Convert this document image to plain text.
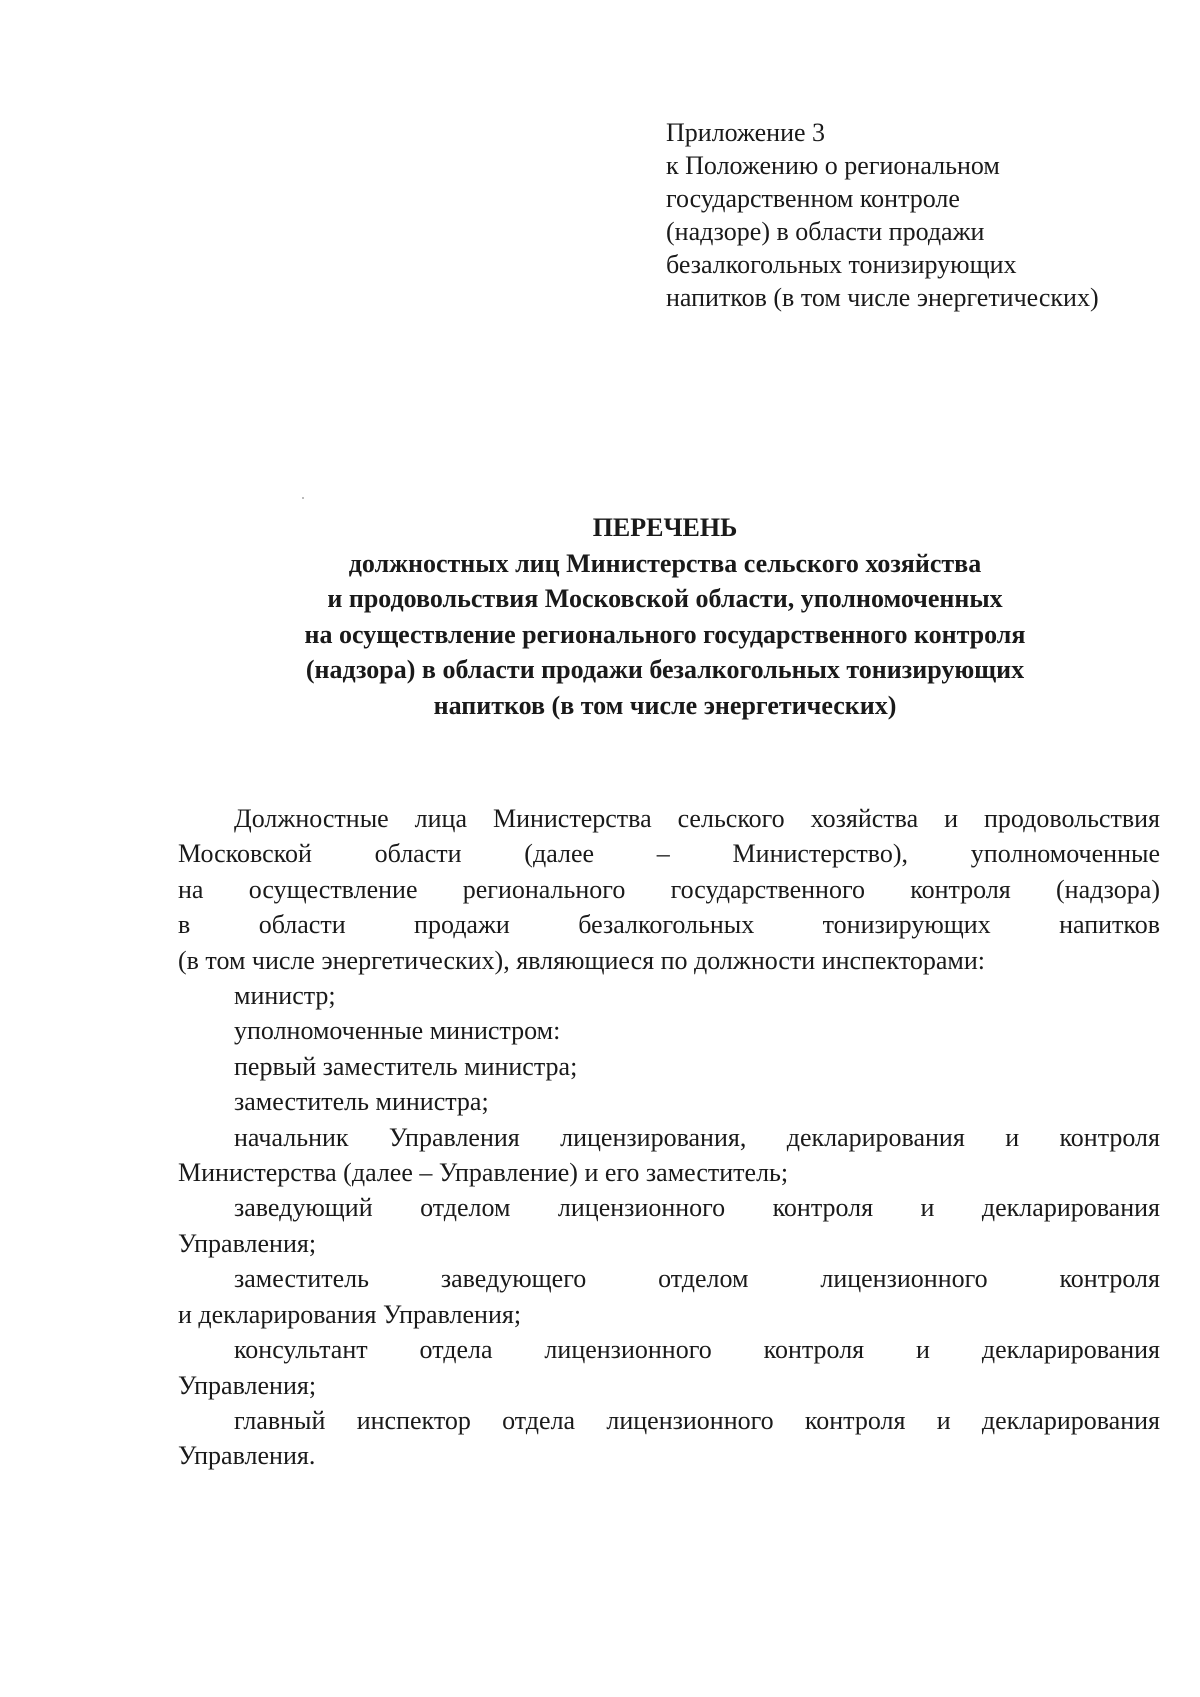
Приложение 3
к Положению о региональном
государственном контроле
(надзоре) в области продажи
безалкогольных тонизирующих
напитков (в том числе энергетических)
ПЕРЕЧЕНЬ
должностных лиц Министерства сельского хозяйства
и продовольствия Московской области, уполномоченных
на осуществление регионального государственного контроля
(надзора) в области продажи безалкогольных тонизирующих
напитков (в том числе энергетических)

Должностные лица Министерства сельского хозяйства и продовольствия
Московской области (далее – Министерство), уполномоченные
на осуществление регионального государственного контроля (надзора)
в области продажи безалкогольных тонизирующих напитков
(в том числе энергетических), являющиеся по должности инспекторами:

министр;

уполномоченные министром:

первый заместитель министра;

заместитель министра;

начальник Управления лицензирования, декларирования и контроля
Министерства (далее – Управление) и его заместитель;

заведующий отделом лицензионного контроля и декларирования
Управления;

заместитель заведующего отделом лицензионного контроля
и декларирования Управления;

консультант отдела лицензионного контроля и декларирования
Управления;

главный инспектор отдела лицензионного контроля и декларирования
Управления.
